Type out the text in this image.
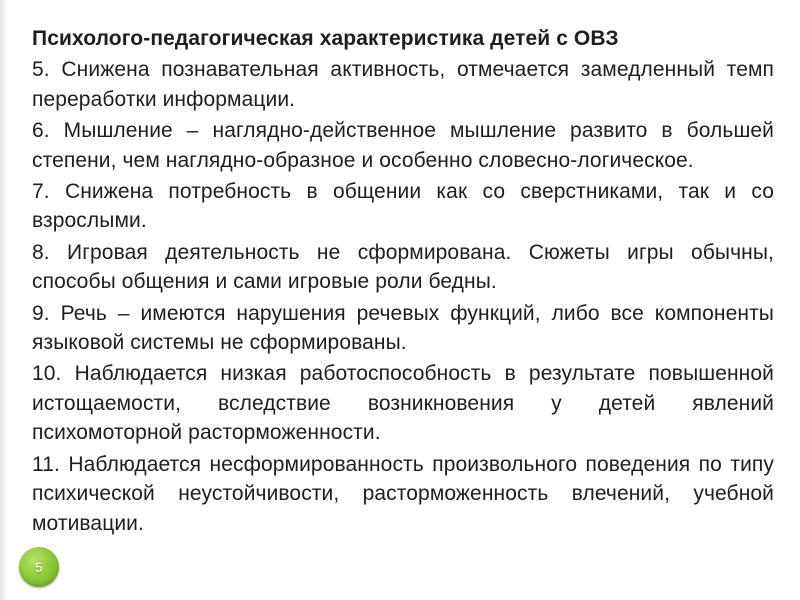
Психолого-педагогическая характеристика детей с ОВЗ

5. Снижена познавательная активность, отмечается замедленный темп переработки информации.

6. Мышление – наглядно-действенное мышление развито в большей степени, чем наглядно-образное и особенно словесно-логическое.

7. Снижена потребность в общении как со сверстниками, так и со взрослыми.

8. Игровая деятельность не сформирована. Сюжеты игры обычны, способы общения и сами игровые роли бедны.

9. Речь – имеются нарушения речевых функций, либо все компоненты языковой системы не сформированы.

10. Наблюдается низкая работоспособность в результате повышенной истощаемости, вследствие возникновения у детей явлений психомоторной расторможенности.

11. Наблюдается несформированность произвольного поведения по типу психической неустойчивости, расторможенность влечений, учебной мотивации.

5
